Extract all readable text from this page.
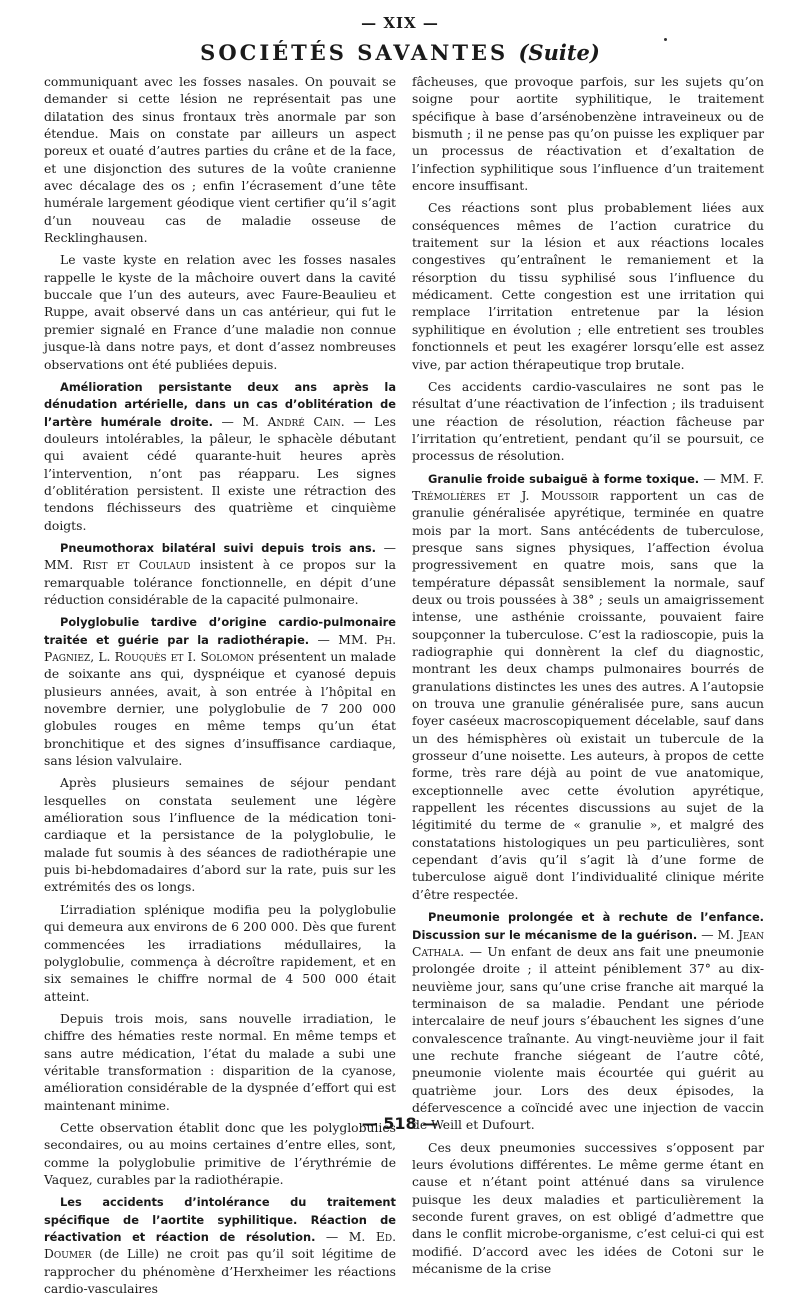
— XIX —
SOCIÉTÉS SAVANTES (Suite)

communiquant avec les fosses nasales. On pouvait se demander si cette lésion ne représentait pas une dilatation des sinus frontaux très anormale par son étendue. Mais on constate par ailleurs un aspect poreux et ouaté d’autres parties du crâne et de la face, et une disjonction des sutures de la voûte cranienne avec décalage des os ; enfin l’écrasement d’une tête humérale largement géodique vient certifier qu’il s’agit d’un nouveau cas de maladie osseuse de Recklinghausen.

Le vaste kyste en relation avec les fosses nasales rappelle le kyste de la mâchoire ouvert dans la cavité buccale que l’un des auteurs, avec Faure-Beaulieu et Ruppe, avait observé dans un cas antérieur, qui fut le premier signalé en France d’une maladie non connue jusque-là dans notre pays, et dont d’assez nombreuses observations ont été publiées depuis.

Amélioration persistante deux ans après la dénudation artérielle, dans un cas d’oblitération de l’artère humérale droite. — M. André Cain. — Les douleurs intolérables, la pâleur, le sphacèle débutant qui avaient cédé quarante-huit heures après l’intervention, n’ont pas réapparu. Les signes d’oblitération persistent. Il existe une rétraction des tendons fléchisseurs des quatrième et cinquième doigts.

Pneumothorax bilatéral suivi depuis trois ans. — MM. Rist et Coulaud insistent à ce propos sur la remarquable tolérance fonctionnelle, en dépit d’une réduction considérable de la capacité pulmonaire.

Polyglobulie tardive d’origine cardio-pulmonaire traitée et guérie par la radiothérapie. — MM. Ph. Pagniez, L. Rouquès et I. Solomon présentent un malade de soixante ans qui, dyspnéique et cyanosé depuis plusieurs années, avait, à son entrée à l’hôpital en novembre dernier, une polyglobulie de 7 200 000 globules rouges en même temps qu’un état bronchitique et des signes d’insuffisance cardiaque, sans lésion valvulaire.

Après plusieurs semaines de séjour pendant lesquelles on constata seulement une légère amélioration sous l’influence de la médication toni-cardiaque et la persistance de la polyglobulie, le malade fut soumis à des séances de radiothérapie une puis bi-hebdomadaires d’abord sur la rate, puis sur les extrémités des os longs.

L’irradiation splénique modifia peu la polyglobulie qui demeura aux environs de 6 200 000. Dès que furent commencées les irradiations médullaires, la polyglobulie, commença à décroître rapidement, et en six semaines le chiffre normal de 4 500 000 était atteint.

Depuis trois mois, sans nouvelle irradiation, le chiffre des hématies reste normal. En même temps et sans autre médication, l’état du malade a subi une véritable transformation : disparition de la cyanose, amélioration considérable de la dyspnée d’effort qui est maintenant minime.

Cette observation établit donc que les polyglobulies secondaires, ou au moins certaines d’entre elles, sont, comme la polyglobulie primitive de l’érythrémie de Vaquez, curables par la radiothérapie.

Les accidents d’intolérance du traitement spécifique de l’aortite syphilitique. Réaction de réactivation et réaction de résolution. — M. Ed. Doumer (de Lille) ne croit pas qu’il soit légitime de rapprocher du phénomène d’Herxheimer les réactions cardio-vasculaires

fâcheuses, que provoque parfois, sur les sujets qu’on soigne pour aortite syphilitique, le traitement spécifique à base d’arsénobenzène intraveineux ou de bismuth ; il ne pense pas qu’on puisse les expliquer par un processus de réactivation et d’exaltation de l’infection syphilitique sous l’influence d’un traitement encore insuffisant.

Ces réactions sont plus probablement liées aux conséquences mêmes de l’action curatrice du traitement sur la lésion et aux réactions locales congestives qu’entraînent le remaniement et la résorption du tissu syphilisé sous l’influence du médicament. Cette congestion est une irritation qui remplace l’irritation entretenue par la lésion syphilitique en évolution ; elle entretient ses troubles fonctionnels et peut les exagérer lorsqu’elle est assez vive, par action thérapeutique trop brutale.

Ces accidents cardio-vasculaires ne sont pas le résultat d’une réactivation de l’infection ; ils traduisent une réaction de résolution, réaction fâcheuse par l’irritation qu’entretient, pendant qu’il se poursuit, ce processus de résolution.

Granulie froide subaiguë à forme toxique. — MM. F. Trémolières et J. Moussoir rapportent un cas de granulie généralisée apyrétique, terminée en quatre mois par la mort. Sans antécédents de tuberculose, presque sans signes physiques, l’affection évolua progressivement en quatre mois, sans que la température dépassât sensiblement la normale, sauf deux ou trois poussées à 38° ; seuls un amaigrissement intense, une asthénie croissante, pouvaient faire soupçonner la tuberculose. C’est la radioscopie, puis la radiographie qui donnèrent la clef du diagnostic, montrant les deux champs pulmonaires bourrés de granulations distinctes les unes des autres. A l’autopsie on trouva une granulie généralisée pure, sans aucun foyer caséeux macroscopiquement décelable, sauf dans un des hémisphères où existait un tubercule de la grosseur d’une noisette. Les auteurs, à propos de cette forme, très rare déjà au point de vue anatomique, exceptionnelle avec cette évolution apyrétique, rappellent les récentes discussions au sujet de la légitimité du terme de « granulie », et malgré des constatations histologiques un peu particulières, sont cependant d’avis qu’il s’agit là d’une forme de tuberculose aiguë dont l’individualité clinique mérite d’être respectée.

Pneumonie prolongée et à rechute de l’enfance. Discussion sur le mécanisme de la guérison. — M. Jean Cathala. — Un enfant de deux ans fait une pneumonie prolongée droite ; il atteint péniblement 37° au dix-neuvième jour, sans qu’une crise franche ait marqué la terminaison de sa maladie. Pendant une période intercalaire de neuf jours s’ébauchent les signes d’une convalescence traînante. Au vingt-neuvième jour il fait une rechute franche siégeant de l’autre côté, pneumonie violente mais écourtée qui guérit au quatrième jour. Lors des deux épisodes, la défervescence a coïncidé avec une injection de vaccin de Weill et Dufourt.

Ces deux pneumonies successives s’opposent par leurs évolutions différentes. Le même germe étant en cause et n’étant point atténué dans sa virulence puisque les deux maladies et particulièrement la seconde furent graves, on est obligé d’admettre que dans le conflit microbe-organisme, c’est celui-ci qui est modifié. D’accord avec les idées de Cotoni sur le mécanisme de la crise

— 518 —
